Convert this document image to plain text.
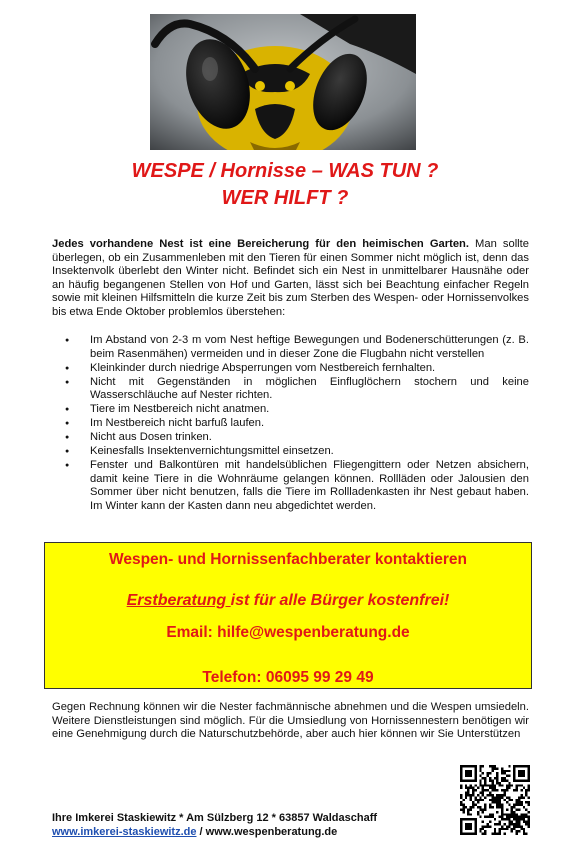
WESPE / Hornisse – WAS TUN ?
WER HILFT ?

Jedes vorhandene Nest ist eine Bereicherung für den heimischen Garten. Man sollte überlegen, ob ein Zusammenleben mit den Tieren für einen Sommer nicht möglich ist, denn das Insektenvolk überlebt den Winter nicht. Befindet sich ein Nest in unmittelbarer Hausnähe oder an häufig begangenen Stellen von Hof und Garten, lässt sich bei Beachtung einfacher Regeln sowie mit kleinen Hilfsmitteln die kurze Zeit bis zum Sterben des Wespen- oder Hornissenvolkes bis etwa Ende Oktober problemlos überstehen:

● Im Abstand von 2-3 m vom Nest heftige Bewegungen und Bodenerschütterungen (z. B. beim Rasenmähen) vermeiden und in dieser Zone die Flugbahn nicht verstellen
● Kleinkinder durch niedrige Absperrungen vom Nestbereich fernhalten.
● Nicht mit Gegenständen in möglichen Einfluglöchern stochern und keine Wasserschläuche auf Nester richten.
● Tiere im Nestbereich nicht anatmen.
● Im Nestbereich nicht barfuß laufen.
● Nicht aus Dosen trinken.
● Keinesfalls Insektenvernichtungsmittel einsetzen.
● Fenster und Balkontüren mit handelsüblichen Fliegengittern oder Netzen absichern, damit keine Tiere in die Wohnräume gelangen können. Rollläden oder Jalousien den Sommer über nicht benutzen, falls die Tiere im Rollladenkasten ihr Nest gebaut haben. Im Winter kann der Kasten dann neu abgedichtet werden.

Wespen- und Hornissenfachberater kontaktieren

Erstberatung ist für alle Bürger kostenfrei!

Email: hilfe@wespenberatung.de

Telefon: 06095 99 29 49

Gegen Rechnung können wir die Nester fachmännische abnehmen und die Wespen umsiedeln. Weitere Dienstleistungen sind möglich. Für die Umsiedlung von Hornissennestern benötigen wir eine Genehmigung durch die Naturschutzbehörde, aber auch hier können wir Sie Unterstützen

Ihre Imkerei Staskiewitz * Am Sülzberg 12 * 63857 Waldaschaff

www.imkerei-staskiewitz.de / www.wespenberatung.de
